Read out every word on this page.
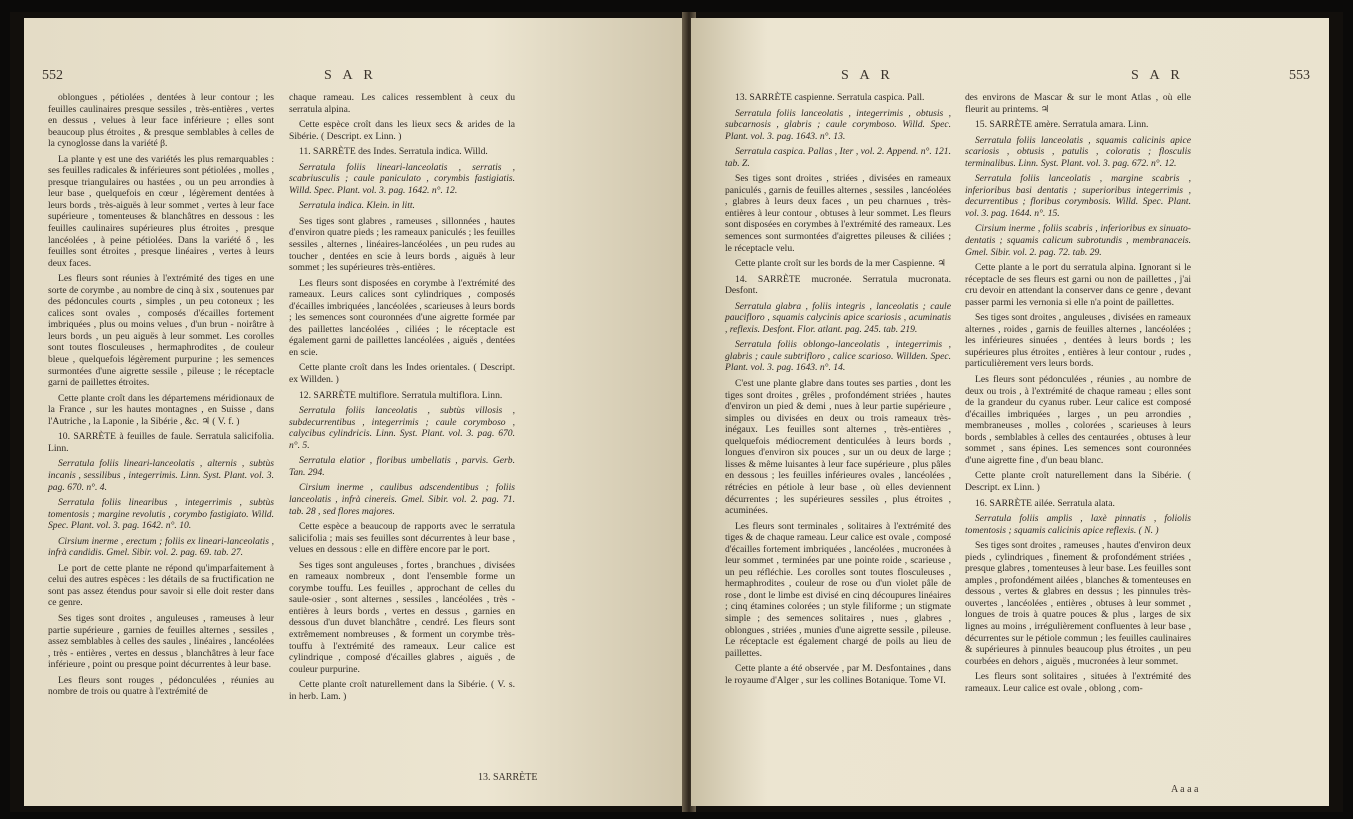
552	S A R

oblongues , pétiolées , dentées à leur contour ; les feuilles caulinaires presque sessiles , très-entières , vertes en dessus , velues à leur face inférieure ; elles sont beaucoup plus étroites , & presque semblables à celles de la cynoglosse dans la variété β.

La plante γ est une des variétés les plus remarquables : ses feuilles radicales & inférieures sont pétiolées , molles , presque triangulaires ou hastées , ou un peu arrondies à leur base , quelquefois en cœur , légèrement dentées à leurs bords , très-aiguës à leur sommet , vertes à leur face supérieure , tomenteuses & blanchâtres en dessous : les feuilles caulinaires supérieures plus étroites , presque lancéolées , à peine pétiolées. Dans la variété δ , les feuilles sont étroites , presque linéaires , vertes à leurs deux faces.

Les fleurs sont réunies à l'extrémité des tiges en une sorte de corymbe , au nombre de cinq à six , soutenues par des pédoncules courts , simples , un peu cotoneux ; les calices sont ovales , composés d'écailles fortement imbriquées , plus ou moins velues , d'un brun - noirâtre à leurs bords , un peu aiguës à leur sommet. Les corolles sont toutes flosculeuses , hermaphrodites , de couleur bleue , quelquefois légèrement purpurine ; les semences surmontées d'une aigrette sessile , pileuse ; le réceptacle garni de paillettes étroites.

Cette plante croît dans les départemens méridionaux de la France , sur les hautes montagnes , en Suisse , dans l'Autriche , la Laponie , la Sibérie , &c. ♃ ( V. f. )

10. SARRÈTE à feuilles de faule. Serratula salicifolia. Linn.

Serratula foliis lineari-lanceolatis , alternis , subtùs incanis , sessilibus , integerrimis. Linn. Syst. Plant. vol. 3. pag. 670. n°. 4.

Serratula foliis linearibus , integerrimis , subtùs tomentosis ; margine revolutis , corymbo fastigiato. Willd. Spec. Plant. vol. 3. pag. 1642. n°. 10.

Cirsium inerme , erectum ; foliis ex lineari-lanceolatis , infrà candidis. Gmel. Sibir. vol. 2. pag. 69. tab. 27.

Le port de cette plante ne répond qu'imparfaitement à celui des autres espèces : les détails de sa fructification ne sont pas assez étendus pour savoir si elle doit rester dans ce genre.

Ses tiges sont droites , anguleuses , rameuses à leur partie supérieure , garnies de feuilles alternes , sessiles , assez semblables à celles des saules , linéaires , lancéolées , très - entières , vertes en dessus , blanchâtres à leur face inférieure , point ou presque point décurrentes à leur base.

Les fleurs sont rouges , pédonculées , réunies au nombre de trois ou quatre à l'extrémité de

chaque rameau. Les calices ressemblent à ceux du serratula alpina.

Cette espèce croît dans les lieux secs & arides de la Sibérie. ( Descript. ex Linn. )

11. SARRÈTE des Indes. Serratula indica. Willd.

Serratula foliis lineari-lanceolatis , serratis , scabriusculis ; caule paniculato , corymbis fastigiatis. Willd. Spec. Plant. vol. 3. pag. 1642. n°. 12.

Serratula indica. Klein. in litt.

Ses tiges sont glabres , rameuses , sillonnées , hautes d'environ quatre pieds ; les rameaux paniculés ; les feuilles sessiles , alternes , linéaires-lancéolées , un peu rudes au toucher , dentées en scie à leurs bords , aiguës à leur sommet ; les supérieures très-entières.

Les fleurs sont disposées en corymbe à l'extrémité des rameaux. Leurs calices sont cylindriques , composés d'écailles imbriquées , lancéolées , scarieuses à leurs bords ; les semences sont couronnées d'une aigrette formée par des paillettes lancéolées , ciliées ; le réceptacle est également garni de paillettes lancéolées , aiguës , dentées en scie.

Cette plante croît dans les Indes orientales. ( Descript. ex Willden. )

12. SARRÈTE multiflore. Serratula multiflora. Linn.

Serratula foliis lanceolatis , subtùs villosis , subdecurrentibus , integerrimis ; caule corymboso , calycibus cylindricis. Linn. Syst. Plant. vol. 3. pag. 670. n°. 5.

Serratula elatior , floribus umbellatis , parvis. Gerb. Tan. 294.

Cirsium inerme , caulibus adscendentibus ; foliis lanceolatis , infrà cinereis. Gmel. Sibir. vol. 2. pag. 71. tab. 28 , sed flores majores.

Cette espèce a beaucoup de rapports avec le serratula salicifolia ; mais ses feuilles sont décurrentes à leur base , velues en dessous : elle en diffère encore par le port.

Ses tiges sont anguleuses , fortes , branchues , divisées en rameaux nombreux , dont l'ensemble forme un corymbe touffu. Les feuilles , approchant de celles du saule-osier , sont alternes , sessiles , lancéolées , très - entières à leurs bords , vertes en dessus , garnies en dessous d'un duvet blanchâtre , cendré. Les fleurs sont extrêmement nombreuses , & forment un corymbe très-touffu à l'extrémité des rameaux. Leur calice est cylindrique , composé d'écailles glabres , aiguës , de couleur purpurine.

Cette plante croît naturellement dans la Sibérie. ( V. s. in herb. Lam. )

13. SARRÈTE
S A R	S A R	553

13. SARRÈTE caspienne. Serratula caspica. Pall.

Serratula foliis lanceolatis , integerrimis , obtusis , subcarnosis , glabris ; caule corymboso. Willd. Spec. Plant. vol. 3. pag. 1643. n°. 13.

Serratula caspica. Pallas , Iter , vol. 2. Append. n°. 121. tab. Z.

Ses tiges sont droites , striées , divisées en rameaux paniculés , garnis de feuilles alternes , sessiles , lancéolées , glabres à leurs deux faces , un peu charnues , très-entières à leur contour , obtuses à leur sommet. Les fleurs sont disposées en corymbes à l'extrémité des rameaux. Les semences sont surmontées d'aigrettes pileuses & ciliées ; le réceptacle velu.

Cette plante croît sur les bords de la mer Caspienne. ♃

14. SARRÈTE mucronée. Serratula mucronata. Desfont.

Serratula glabra , foliis integris , lanceolatis ; caule paucifloro , squamis calycinis apice scariosis , acuminatis , reflexis. Desfont. Flor. atlant. pag. 245. tab. 219.

Serratula foliis oblongo-lanceolatis , integerrimis , glabris ; caule subtrifloro , calice scarioso. Willden. Spec. Plant. vol. 3. pag. 1643. n°. 14.

C'est une plante glabre dans toutes ses parties , dont les tiges sont droites , grêles , profondément striées , hautes d'environ un pied & demi , nues à leur partie supérieure , simples ou divisées en deux ou trois rameaux très-inégaux. Les feuilles sont alternes , très-entières , quelquefois médiocrement denticulées à leurs bords , longues d'environ six pouces , sur un ou deux de large ; lisses & même luisantes à leur face supérieure , plus pâles en dessous ; les feuilles inférieures ovales , lancéolées , rétrécies en pétiole à leur base , où elles deviennent décurrentes ; les supérieures sessiles , plus étroites , acuminées.

Les fleurs sont terminales , solitaires à l'extrémité des tiges & de chaque rameau. Leur calice est ovale , composé d'écailles fortement imbriquées , lancéolées , mucronées à leur sommet , terminées par une pointe roide , scarieuse , un peu réfléchie. Les corolles sont toutes flosculeuses , hermaphrodites , couleur de rose ou d'un violet pâle de rose , dont le limbe est divisé en cinq découpures linéaires ; cinq étamines colorées ; un style filiforme ; un stigmate simple ; des semences solitaires , nues , glabres , oblongues , striées , munies d'une aigrette sessile , pileuse. Le réceptacle est également chargé de poils au lieu de paillettes.

Cette plante a été observée , par M. Desfontaines , dans le royaume d'Alger , sur les collines Botanique. Tome VI.

des environs de Mascar & sur le mont Atlas , où elle fleurit au printems. ♃

15. SARRÈTE amère. Serratula amara. Linn.

Serratula foliis lanceolatis , squamis calicinis apice scariosis , obtusis , patulis , coloratis ; flosculis terminalibus. Linn. Syst. Plant. vol. 3. pag. 672. n°. 12.

Serratula foliis lanceolatis , margine scabris , inferioribus basi dentatis ; superioribus integerrimis , decurrentibus ; floribus corymbosis. Willd. Spec. Plant. vol. 3. pag. 1644. n°. 15.

Cirsium inerme , foliis scabris , inferioribus ex sinuato-dentatis ; squamis calicum subrotundis , membranaceis. Gmel. Sibir. vol. 2. pag. 72. tab. 29.

Cette plante a le port du serratula alpina. Ignorant si le réceptacle de ses fleurs est garni ou non de paillettes , j'ai cru devoir en attendant la conserver dans ce genre , devant passer parmi les vernonia si elle n'a point de paillettes.

Ses tiges sont droites , anguleuses , divisées en rameaux alternes , roides , garnis de feuilles alternes , lancéolées ; les inférieures sinuées , dentées à leurs bords ; les supérieures plus étroites , entières à leur contour , rudes , particulièrement vers leurs bords.

Les fleurs sont pédonculées , réunies , au nombre de deux ou trois , à l'extrémité de chaque rameau ; elles sont de la grandeur du cyanus ruber. Leur calice est composé d'écailles imbriquées , larges , un peu arrondies , membraneuses , molles , colorées , scarieuses à leurs bords , semblables à celles des centaurées , obtuses à leur sommet , sans épines. Les semences sont couronnées d'une aigrette fine , d'un beau blanc.

Cette plante croît naturellement dans la Sibérie. ( Descript. ex Linn. )

16. SARRÈTE ailée. Serratula alata.

Serratula foliis amplis , laxè pinnatis , foliolis tomentosis ; squamis calicinis apice reflexis. ( N. )

Ses tiges sont droites , rameuses , hautes d'environ deux pieds , cylindriques , finement & profondément striées , presque glabres , tomenteuses à leur base. Les feuilles sont amples , profondément ailées , blanches & tomenteuses en dessous , vertes & glabres en dessus ; les pinnules très-ouvertes , lancéolées , entières , obtuses à leur sommet , longues de trois à quatre pouces & plus , larges de six lignes au moins , irrégulièrement confluentes à leur base , décurrentes sur le pétiole commun ; les feuilles caulinaires & supérieures à pinnules beaucoup plus étroites , un peu courbées en dehors , aiguës , mucronées à leur sommet.

Les fleurs sont solitaires , situées à l'extrémité des rameaux. Leur calice est ovale , oblong , com-

A a a a
